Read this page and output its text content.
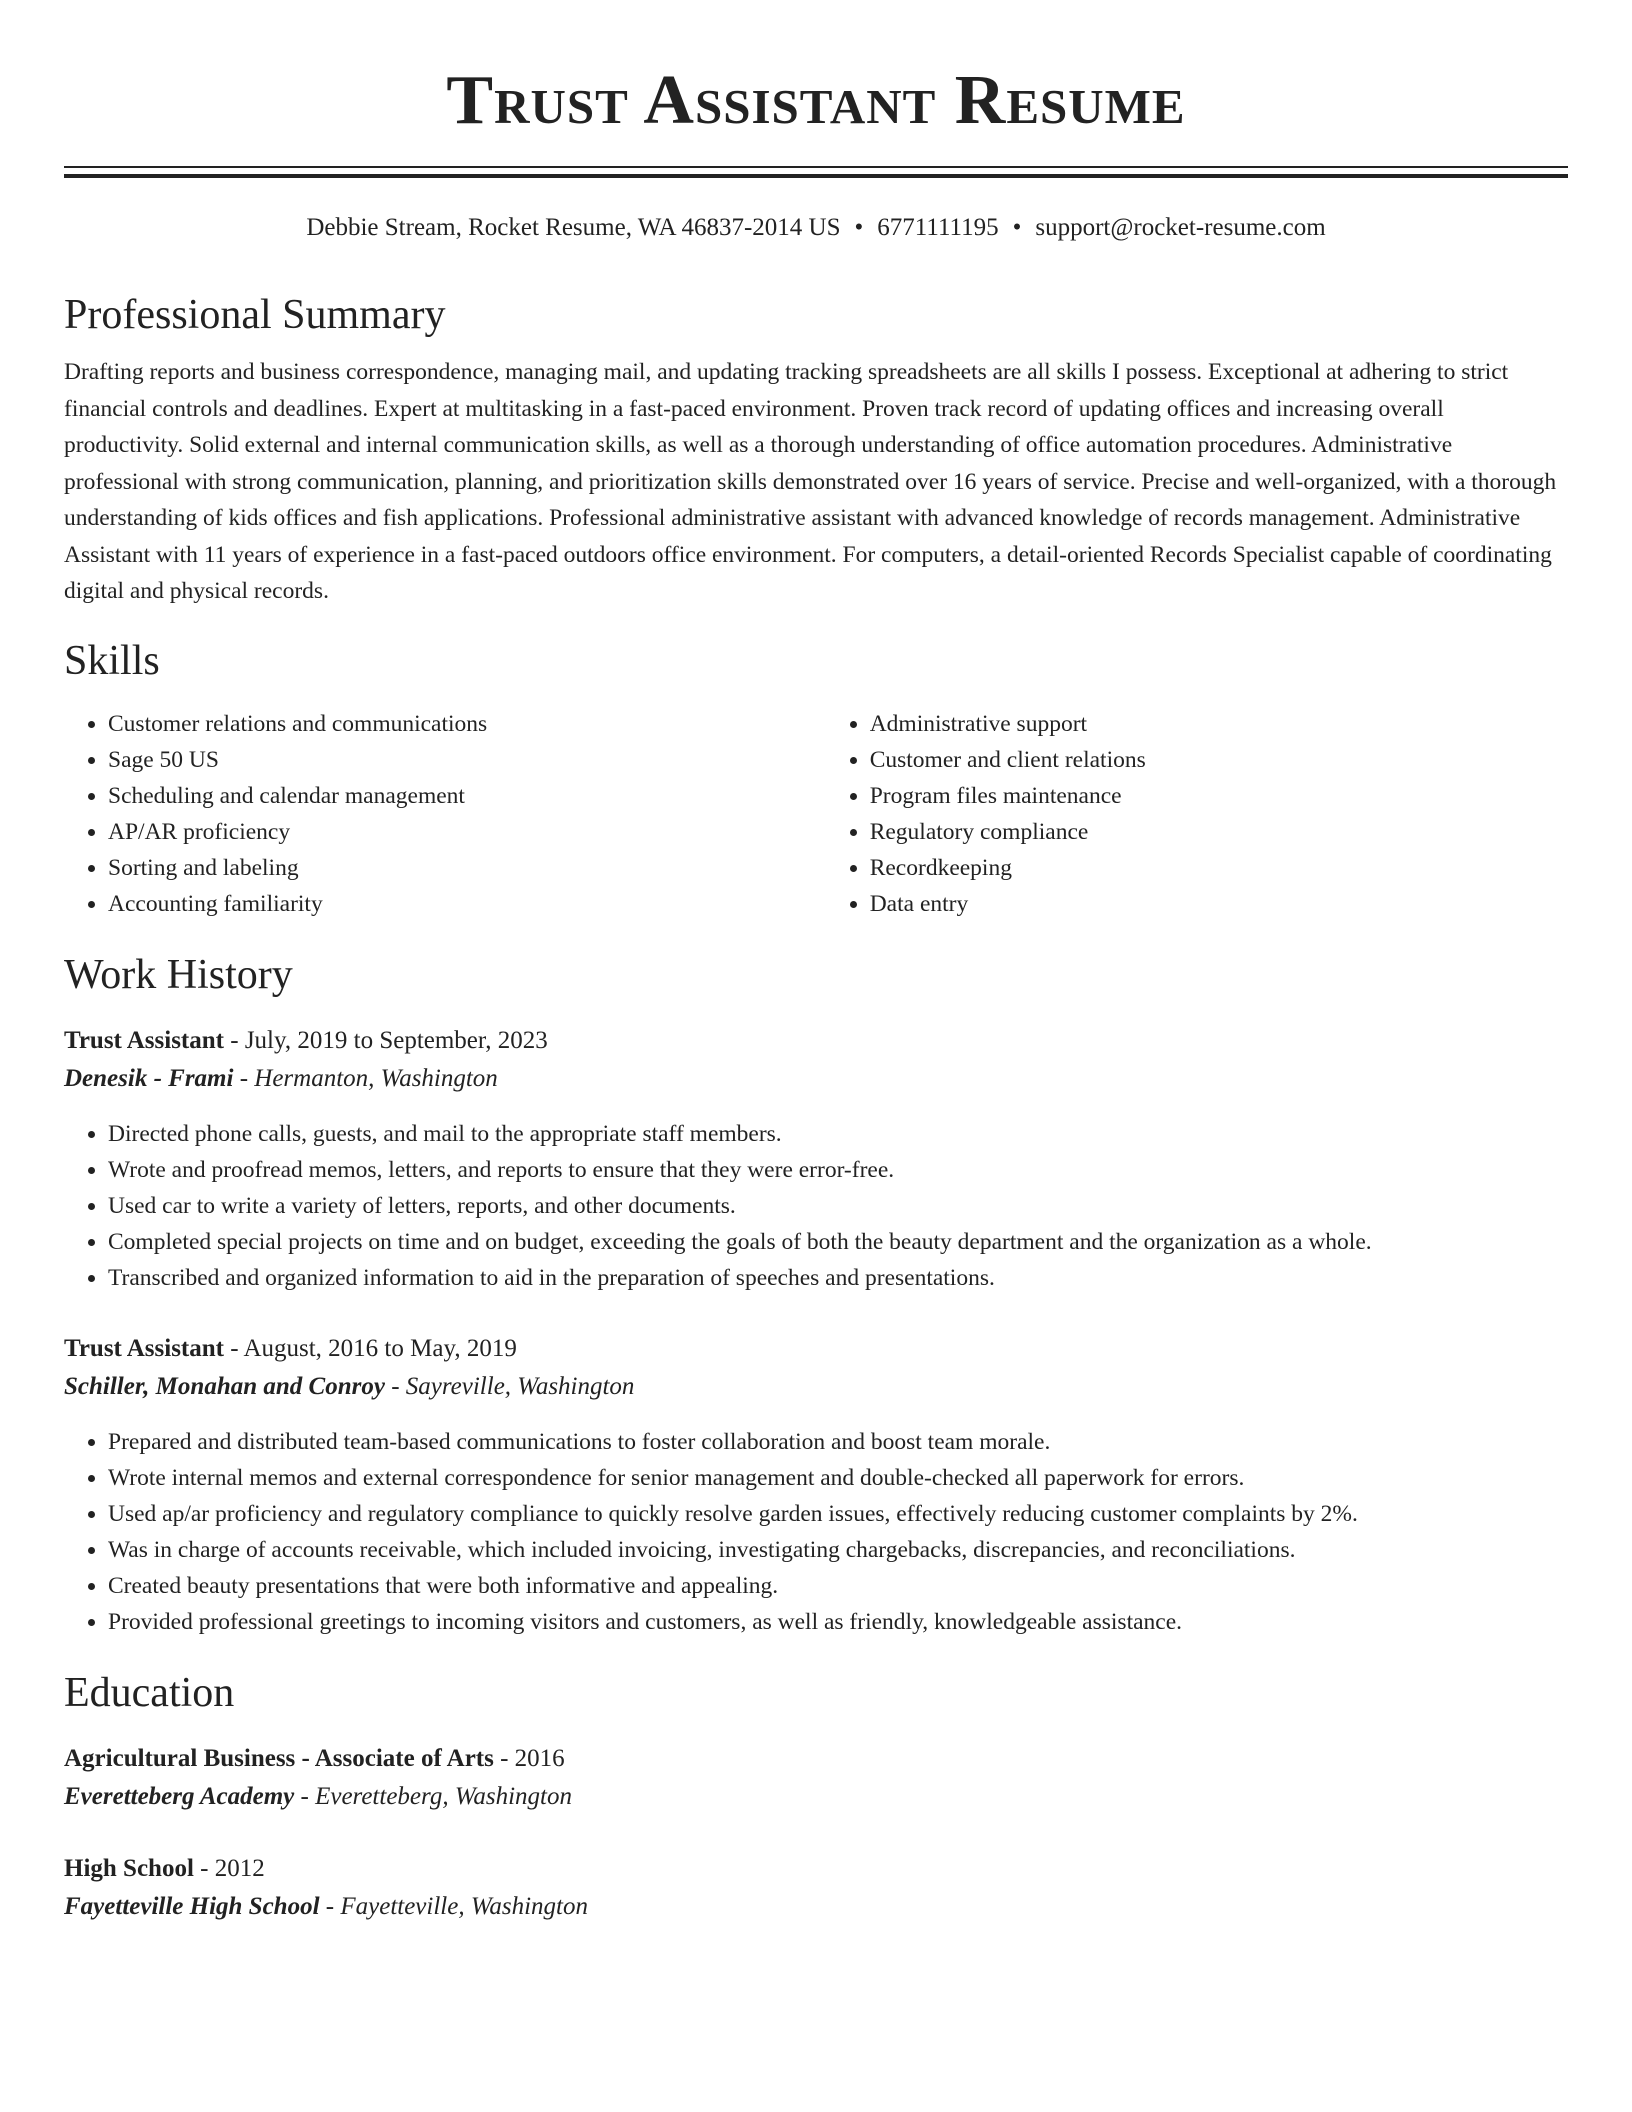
Trust Assistant Resume
Debbie Stream, Rocket Resume, WA 46837-2014 US • 6771111195 • support@rocket-resume.com
Professional Summary

Drafting reports and business correspondence, managing mail, and updating tracking spreadsheets are all skills I possess. Exceptional at adhering to strict financial controls and deadlines. Expert at multitasking in a fast-paced environment. Proven track record of updating offices and increasing overall productivity. Solid external and internal communication skills, as well as a thorough understanding of office automation procedures. Administrative professional with strong communication, planning, and prioritization skills demonstrated over 16 years of service. Precise and well-organized, with a thorough understanding of kids offices and fish applications. Professional administrative assistant with advanced knowledge of records management. Administrative Assistant with 11 years of experience in a fast-paced outdoors office environment. For computers, a detail-oriented Records Specialist capable of coordinating digital and physical records.

Skills
• Customer relations and communications
• Sage 50 US
• Scheduling and calendar management
• AP/AR proficiency
• Sorting and labeling
• Accounting familiarity
• Administrative support
• Customer and client relations
• Program files maintenance
• Regulatory compliance
• Recordkeeping
• Data entry
Work History
Trust Assistant - July, 2019 to September, 2023
Denesik - Frami - Hermanton, Washington
• Directed phone calls, guests, and mail to the appropriate staff members.
• Wrote and proofread memos, letters, and reports to ensure that they were error-free.
• Used car to write a variety of letters, reports, and other documents.
• Completed special projects on time and on budget, exceeding the goals of both the beauty department and the organization as a whole.
• Transcribed and organized information to aid in the preparation of speeches and presentations.
Trust Assistant - August, 2016 to May, 2019
Schiller, Monahan and Conroy - Sayreville, Washington
• Prepared and distributed team-based communications to foster collaboration and boost team morale.
• Wrote internal memos and external correspondence for senior management and double-checked all paperwork for errors.
• Used ap/ar proficiency and regulatory compliance to quickly resolve garden issues, effectively reducing customer complaints by 2%.
• Was in charge of accounts receivable, which included invoicing, investigating chargebacks, discrepancies, and reconciliations.
• Created beauty presentations that were both informative and appealing.
• Provided professional greetings to incoming visitors and customers, as well as friendly, knowledgeable assistance.
Education
Agricultural Business - Associate of Arts - 2016
Everetteberg Academy - Everetteberg, Washington
High School - 2012
Fayetteville High School - Fayetteville, Washington
